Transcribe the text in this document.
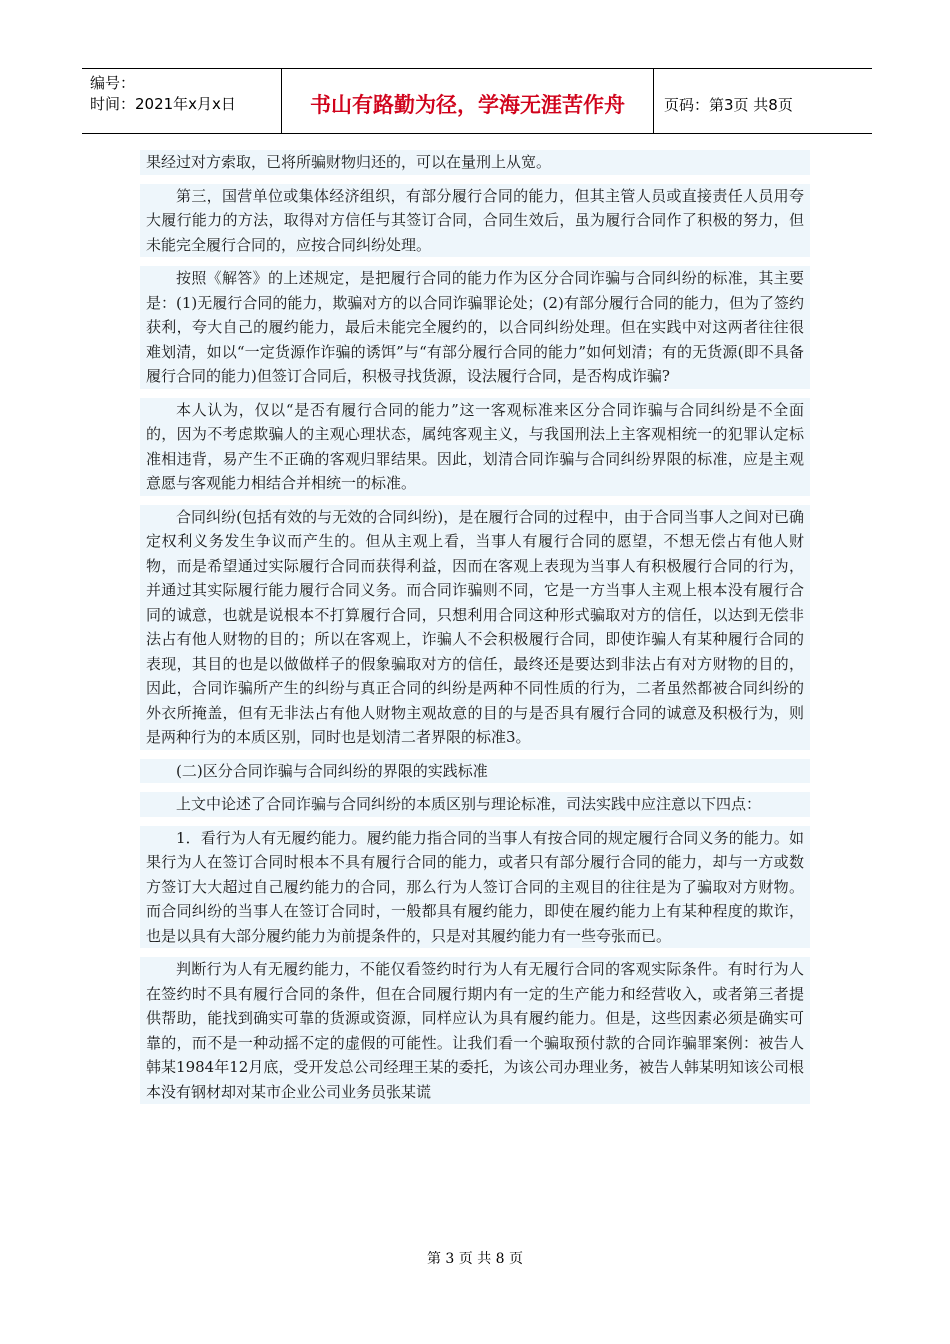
编号：
时间：2021年x月x日	书山有路勤为径，学海无涯苦作舟	页码：第3页 共8页

果经过对方索取，已将所骗财物归还的，可以在量刑上从宽。

第三，国营单位或集体经济组织，有部分履行合同的能力，但其主管人员或直接责任人员用夸大履行能力的方法，取得对方信任与其签订合同，合同生效后，虽为履行合同作了积极的努力，但未能完全履行合同的，应按合同纠纷处理。

按照《解答》的上述规定，是把履行合同的能力作为区分合同诈骗与合同纠纷的标准，其主要是：(1)无履行合同的能力，欺骗对方的以合同诈骗罪论处；(2)有部分履行合同的能力，但为了签约获利，夸大自己的履约能力，最后未能完全履约的，以合同纠纷处理。但在实践中对这两者往往很难划清，如以“一定货源作诈骗的诱饵”与“有部分履行合同的能力”如何划清；有的无货源(即不具备履行合同的能力)但签订合同后，积极寻找货源，设法履行合同，是否构成诈骗?

本人认为，仅以“是否有履行合同的能力”这一客观标准来区分合同诈骗与合同纠纷是不全面的，因为不考虑欺骗人的主观心理状态，属纯客观主义，与我国刑法上主客观相统一的犯罪认定标准相违背，易产生不正确的客观归罪结果。因此，划清合同诈骗与合同纠纷界限的标准，应是主观意愿与客观能力相结合并相统一的标准。

合同纠纷(包括有效的与无效的合同纠纷)，是在履行合同的过程中，由于合同当事人之间对已确定权利义务发生争议而产生的。但从主观上看，当事人有履行合同的愿望，不想无偿占有他人财物，而是希望通过实际履行合同而获得利益，因而在客观上表现为当事人有积极履行合同的行为，并通过其实际履行能力履行合同义务。而合同诈骗则不同，它是一方当事人主观上根本没有履行合同的诚意，也就是说根本不打算履行合同，只想利用合同这种形式骗取对方的信任，以达到无偿非法占有他人财物的目的；所以在客观上，诈骗人不会积极履行合同，即使诈骗人有某种履行合同的表现，其目的也是以做做样子的假象骗取对方的信任，最终还是要达到非法占有对方财物的目的，因此，合同诈骗所产生的纠纷与真正合同的纠纷是两种不同性质的行为，二者虽然都被合同纠纷的外衣所掩盖，但有无非法占有他人财物主观故意的目的与是否具有履行合同的诚意及积极行为，则是两种行为的本质区别，同时也是划清二者界限的标准3。

(二)区分合同诈骗与合同纠纷的界限的实践标准

上文中论述了合同诈骗与合同纠纷的本质区别与理论标准，司法实践中应注意以下四点：

1．看行为人有无履约能力。履约能力指合同的当事人有按合同的规定履行合同义务的能力。如果行为人在签订合同时根本不具有履行合同的能力，或者只有部分履行合同的能力，却与一方或数方签订大大超过自己履约能力的合同，那么行为人签订合同的主观目的往往是为了骗取对方财物。而合同纠纷的当事人在签订合同时，一般都具有履约能力，即使在履约能力上有某种程度的欺诈，也是以具有大部分履约能力为前提条件的，只是对其履约能力有一些夸张而已。

判断行为人有无履约能力，不能仅看签约时行为人有无履行合同的客观实际条件。有时行为人在签约时不具有履行合同的条件，但在合同履行期内有一定的生产能力和经营收入，或者第三者提供帮助，能找到确实可靠的货源或资源，同样应认为具有履约能力。但是，这些因素必须是确实可靠的，而不是一种动摇不定的虚假的可能性。让我们看一个骗取预付款的合同诈骗罪案例：被告人韩某1984年12月底，受开发总公司经理王某的委托，为该公司办理业务，被告人韩某明知该公司根本没有钢材却对某市企业公司业务员张某谎

第 3 页 共 8 页
